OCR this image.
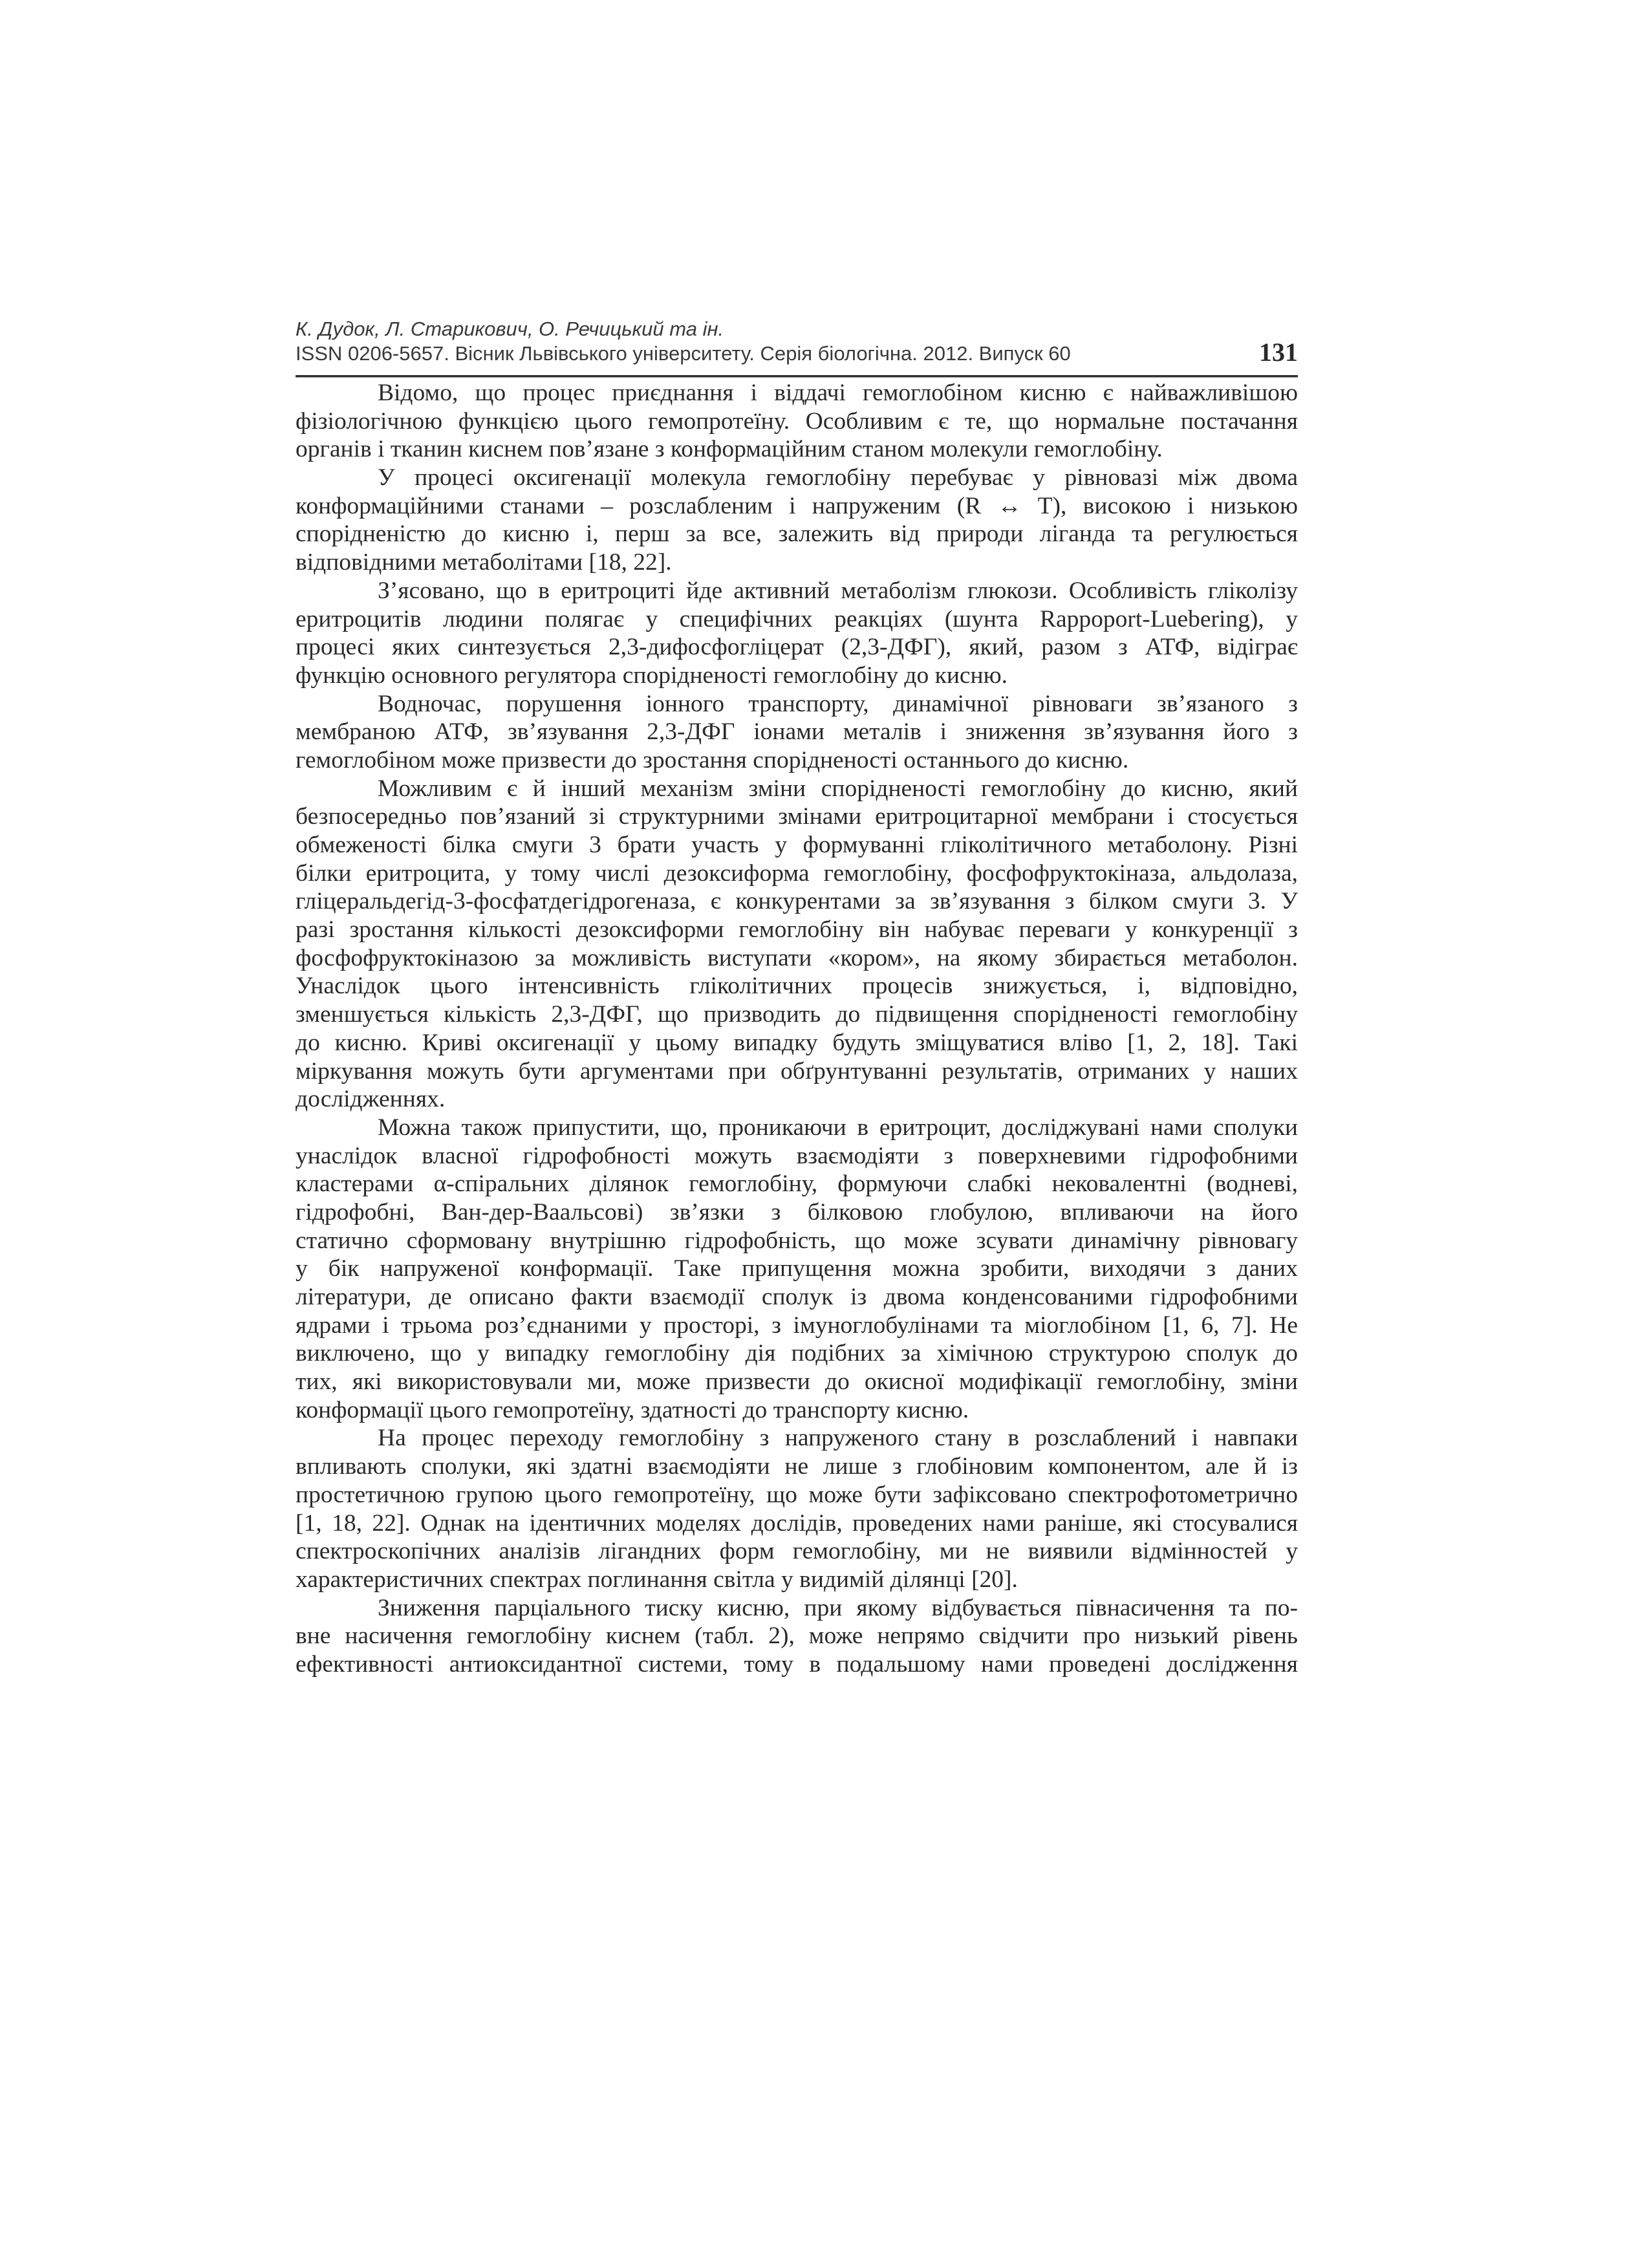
К. Дудок, Л. Старикович, О. Речицький та ін.
ISSN 0206-5657. Вісник Львівського університету. Серія біологічна. 2012. Випуск 60	131
Відомо, що процес приєднання і віддачі гемоглобіном кисню є найважливішою
фізіологічною функцією цього гемопротеїну. Особливим є те, що нормальне постачання
органів і тканин киснем пов’язане з конформаційним станом молекули гемоглобіну.
У процесі оксигенації молекула гемоглобіну перебуває у рівновазі між двома
конформаційними станами – розслабленим і напруженим (R ↔ T), високою і низькою
спорідненістю до кисню і, перш за все, залежить від природи ліганда та регулюється
відповідними метаболітами [18, 22].
З’ясовано, що в еритроциті йде активний метаболізм глюкози. Особливість гліколізу
еритроцитів людини полягає у специфічних реакціях (шунта Rappoport-Luebering), у
процесі яких синтезується 2,3-дифосфогліцерат (2,3-ДФГ), який, разом з АТФ, відіграє
функцію основного регулятора спорідненості гемоглобіну до кисню.
Водночас, порушення іонного транспорту, динамічної рівноваги зв’язаного з
мембраною АТФ, зв’язування 2,3-ДФГ іонами металів і зниження зв’язування його з
гемоглобіном може призвести до зростання спорідненості останнього до кисню.
Можливим є й інший механізм зміни спорідненості гемоглобіну до кисню, який
безпосередньо пов’язаний зі структурними змінами еритроцитарної мембрани і стосується
обмеженості білка смуги 3 брати участь у формуванні гліколітичного метаболону. Різні
білки еритроцита, у тому числі дезоксиформа гемоглобіну, фосфофруктокіназа, альдолаза,
гліцеральдегід-3-фосфатдегідрогеназа, є конкурентами за зв’язування з білком смуги 3. У
разі зростання кількості дезоксиформи гемоглобіну він набуває переваги у конкуренції з
фосфофруктокіназою за можливість виступати «кором», на якому збирається метаболон.
Унаслідок цього інтенсивність гліколітичних процесів знижується, і, відповідно,
зменшується кількість 2,3-ДФГ, що призводить до підвищення спорідненості гемоглобіну
до кисню. Криві оксигенації у цьому випадку будуть зміщуватися вліво [1, 2, 18]. Такі
міркування можуть бути аргументами при обґрунтуванні результатів, отриманих у наших
дослідженнях.
Можна також припустити, що, проникаючи в еритроцит, досліджувані нами сполуки
унаслідок власної гідрофобності можуть взаємодіяти з поверхневими гідрофобними
кластерами α-спіральних ділянок гемоглобіну, формуючи слабкі нековалентні (водневі,
гідрофобні, Ван-дер-Ваальсові) зв’язки з білковою глобулою, впливаючи на його
статично сформовану внутрішню гідрофобність, що може зсувати динамічну рівновагу
у бік напруженої конформації. Таке припущення можна зробити, виходячи з даних
літератури, де описано факти взаємодії сполук із двома конденсованими гідрофобними
ядрами і трьома роз’єднаними у просторі, з імуноглобулінами та міоглобіном [1, 6, 7]. Не
виключено, що у випадку гемоглобіну дія подібних за хімічною структурою сполук до
тих, які використовували ми, може призвести до окисної модифікації гемоглобіну, зміни
конформації цього гемопротеїну, здатності до транспорту кисню.
На процес переходу гемоглобіну з напруженого стану в розслаблений і навпаки
впливають сполуки, які здатні взаємодіяти не лише з глобіновим компонентом, але й із
простетичною групою цього гемопротеїну, що може бути зафіксовано спектрофотометрично
[1, 18, 22]. Однак на ідентичних моделях дослідів, проведених нами раніше, які стосувалися
спектроскопічних аналізів лігандних форм гемоглобіну, ми не виявили відмінностей у
характеристичних спектрах поглинання світла у видимій ділянці [20].
Зниження парціального тиску кисню, при якому відбувається півнасичення та по-
вне насичення гемоглобіну киснем (табл. 2), може непрямо свідчити про низький рівень
ефективності антиоксидантної системи, тому в подальшому нами проведені дослідження
